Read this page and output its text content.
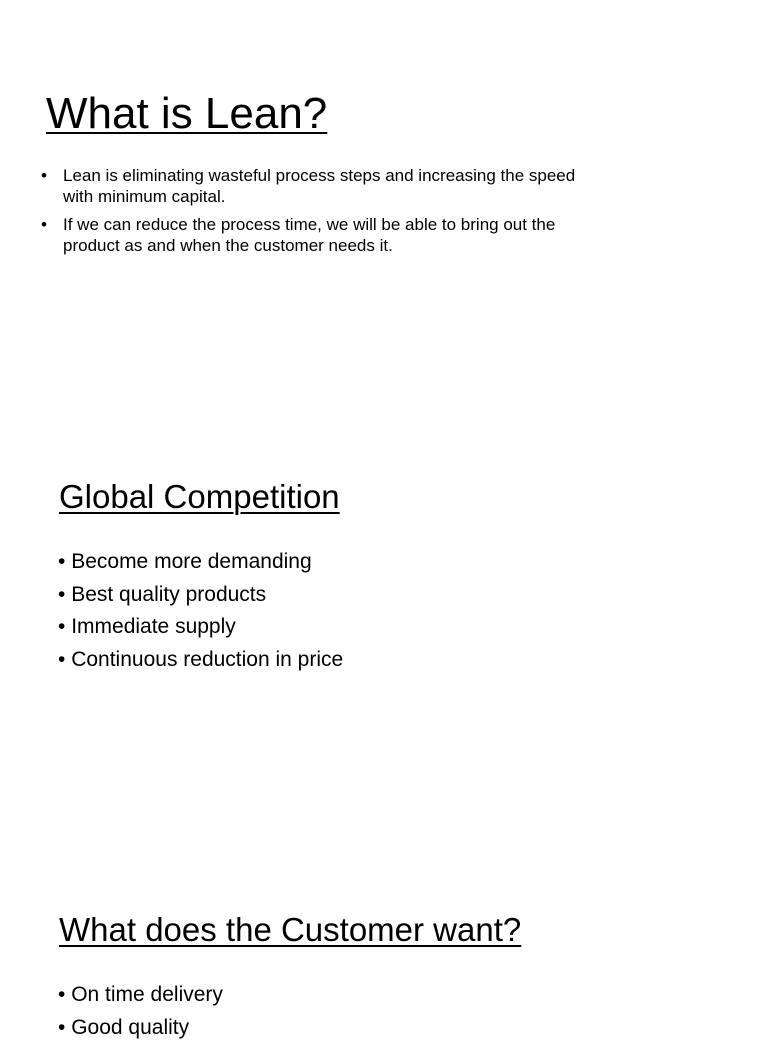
What is Lean?
• Lean is eliminating wasteful process steps and increasing the speed with minimum capital.
• If we can reduce the process time, we will be able to bring out the product as and when the customer needs it.
Global Competition
• Become more demanding
• Best quality products
• Immediate supply
• Continuous reduction in price
What does the Customer want?
• On time delivery
• Good quality
